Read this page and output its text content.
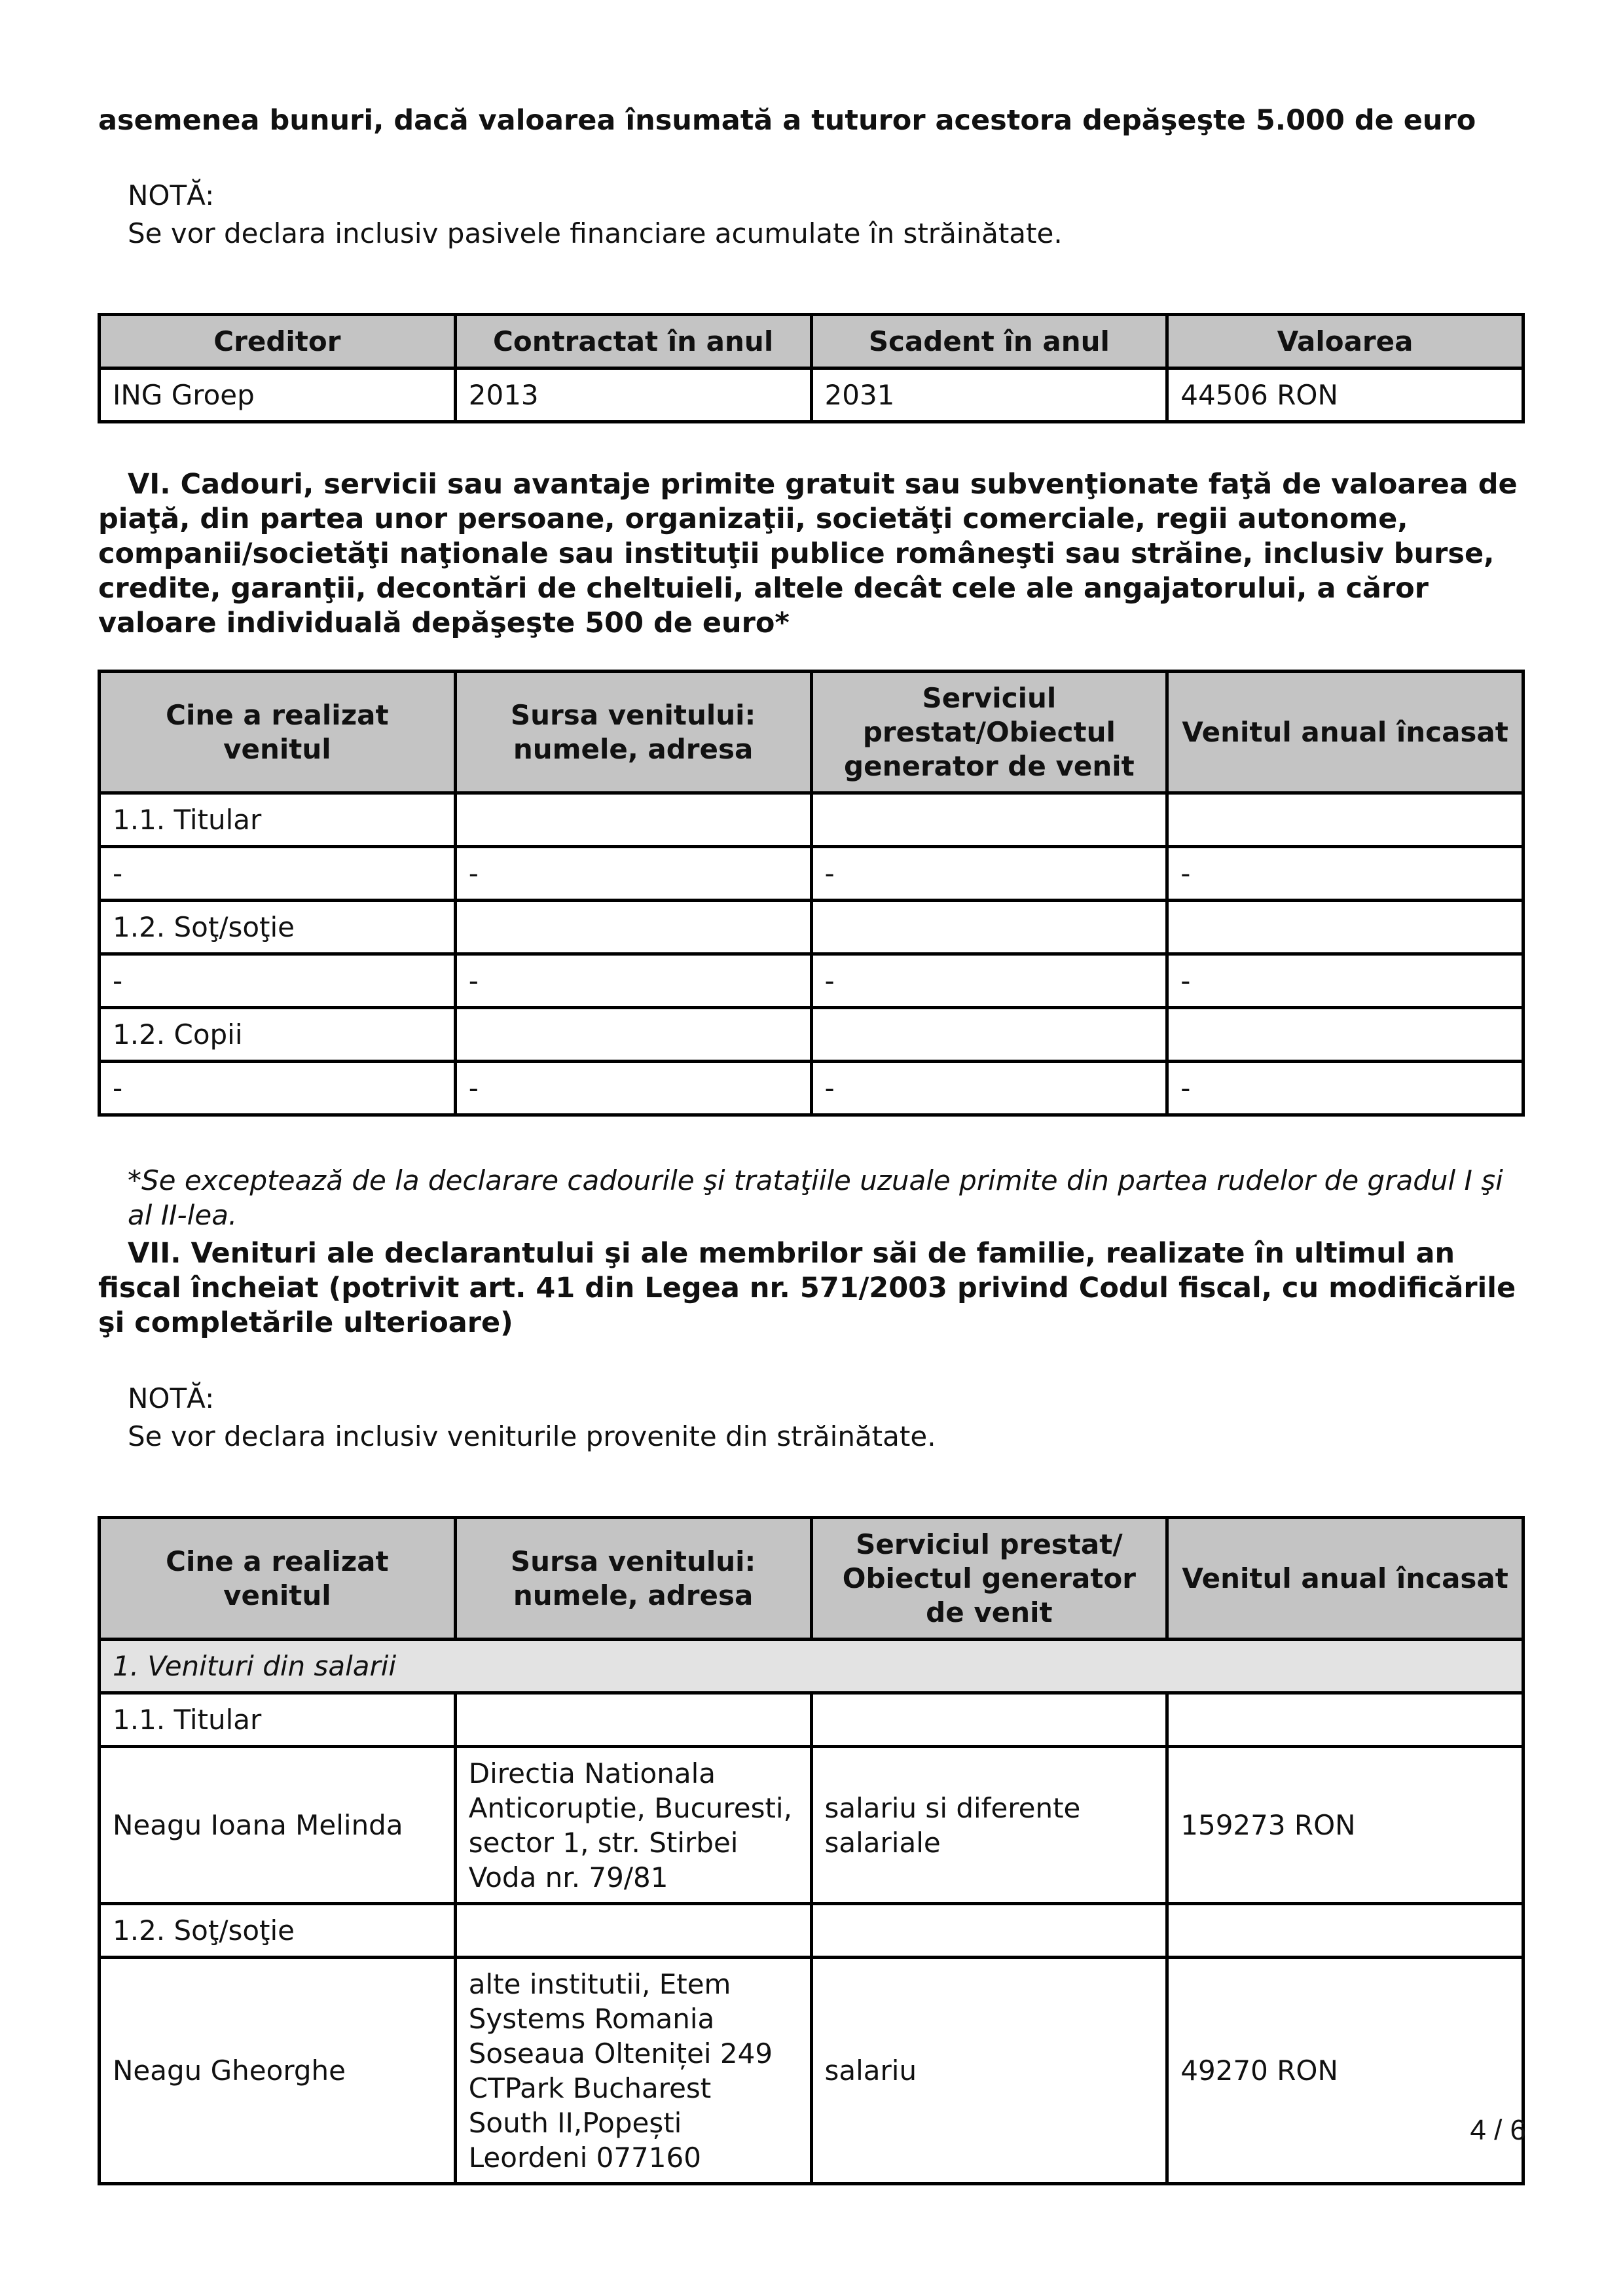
asemenea bunuri, dacă valoarea însumată a tuturor acestora depăşeşte 5.000 de euro

NOTĂ:

Se vor declara inclusiv pasivele financiare acumulate în străinătate.

Creditor	Contractat în anul	Scadent în anul	Valoarea
ING Groep	2013	2031	44506 RON

VI. Cadouri, servicii sau avantaje primite gratuit sau subvenţionate faţă de valoarea de piaţă, din partea unor persoane, organizaţii, societăţi comerciale, regii autonome, companii/societăţi naţionale sau instituţii publice româneşti sau străine, inclusiv burse, credite, garanţii, decontări de cheltuieli, altele decât cele ale angajatorului, a căror valoare individuală depăşeşte 500 de euro*

Cine a realizat venitul	Sursa venitului: numele, adresa	Serviciul prestat/Obiectul generator de venit	Venitul anual încasat
1.1. Titular			
-	-	-	-
1.2. Soţ/soţie			
-	-	-	-
1.2. Copii			
-	-	-	-

*Se exceptează de la declarare cadourile şi trataţiile uzuale primite din partea rudelor de gradul I şi al II-lea.

VII. Venituri ale declarantului şi ale membrilor săi de familie, realizate în ultimul an fiscal încheiat (potrivit art. 41 din Legea nr. 571/2003 privind Codul fiscal, cu modificările şi completările ulterioare)

NOTĂ:

Se vor declara inclusiv veniturile provenite din străinătate.

Cine a realizat venitul	Sursa venitului: numele, adresa	Serviciul prestat/ Obiectul generator de venit	Venitul anual încasat
1. Venituri din salarii			
1.1. Titular			
Neagu Ioana Melinda	Directia Nationala Anticoruptie, Bucuresti, sector 1, str. Stirbei Voda nr. 79/81	salariu si diferente salariale	159273 RON
1.2. Soţ/soţie			
Neagu Gheorghe	alte institutii, Etem Systems Romania Soseaua Olteniței 249 CTPark Bucharest South II,Popești Leordeni 077160	salariu	49270 RON
4 / 6
